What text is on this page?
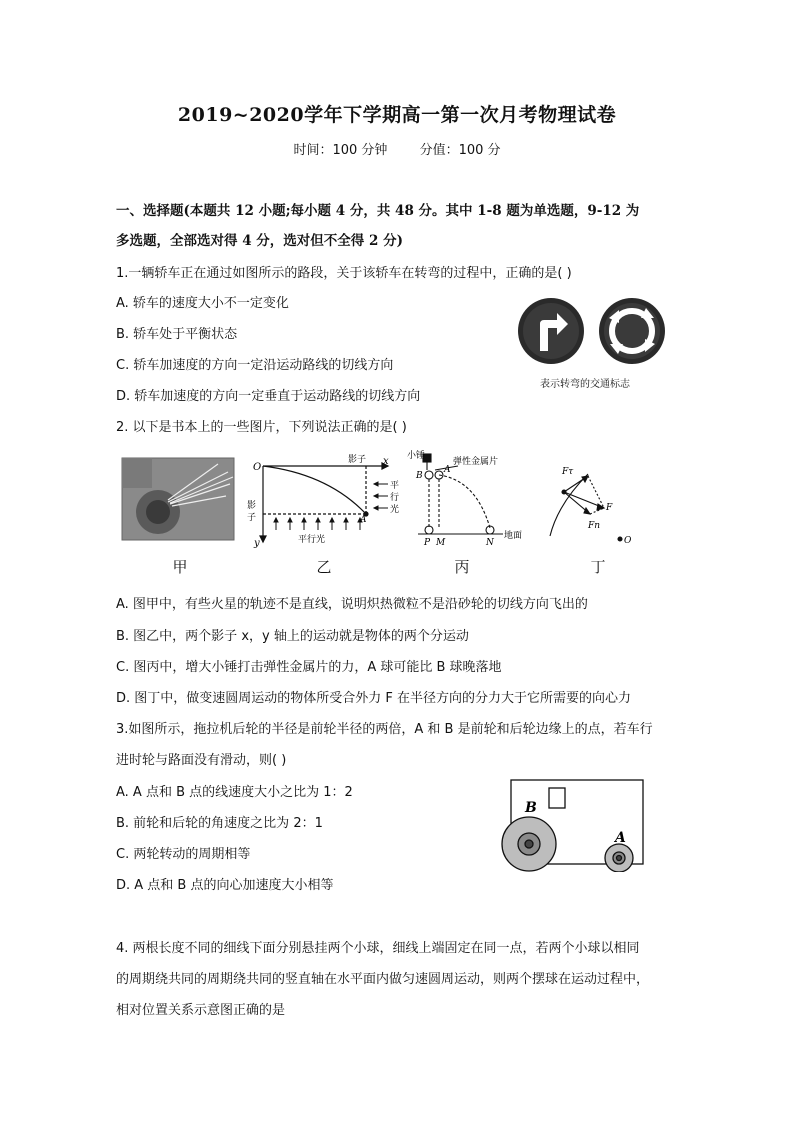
2019~2020学年下学期高一第一次月考物理试卷
时间：100 分钟 分值：100 分
一、选择题(本题共 12 小题;每小题 4 分，共 48 分。其中 1-8 题为单选题，9-12 为
多选题，全部选对得 4 分，选对但不全得 2 分)
1.一辆轿车正在通过如图所示的路段，关于该轿车在转弯的过程中，正确的是( )
A. 轿车的速度大小不一定变化
B. 轿车处于平衡状态
C. 轿车加速度的方向一定沿运动路线的切线方向
D. 轿车加速度的方向一定垂直于运动路线的切线方向
表示转弯的交通标志
2. 以下是书本上的一些图片，下列说法正确的是( )
O
x
y
影子
影
子
平
行
光
平行光
A
小锤
弹性金属片
A
B
P M	N
地面
Fτ
F
Fn
O
甲	乙	丙	丁
A. 图甲中，有些火星的轨迹不是直线，说明炽热微粒不是沿砂轮的切线方向飞出的
B. 图乙中，两个影子 x，y 轴上的运动就是物体的两个分运动
C. 图丙中，增大小锤打击弹性金属片的力，A 球可能比 B 球晚落地
D. 图丁中，做变速圆周运动的物体所受合外力 F 在半径方向的分力大于它所需要的向心力
3.如图所示，拖拉机后轮的半径是前轮半径的两倍，A 和 B 是前轮和后轮边缘上的点，若车行
进时轮与路面没有滑动，则( )
A. A 点和 B 点的线速度大小之比为 1：2
B. 前轮和后轮的角速度之比为 2：1
C. 两轮转动的周期相等
D. A 点和 B 点的向心加速度大小相等
B
A
4. 两根长度不同的细线下面分别悬挂两个小球，细线上端固定在同一点，若两个小球以相同
的周期绕共同的周期绕共同的竖直轴在水平面内做匀速圆周运动，则两个摆球在运动过程中，
相对位置关系示意图正确的是
